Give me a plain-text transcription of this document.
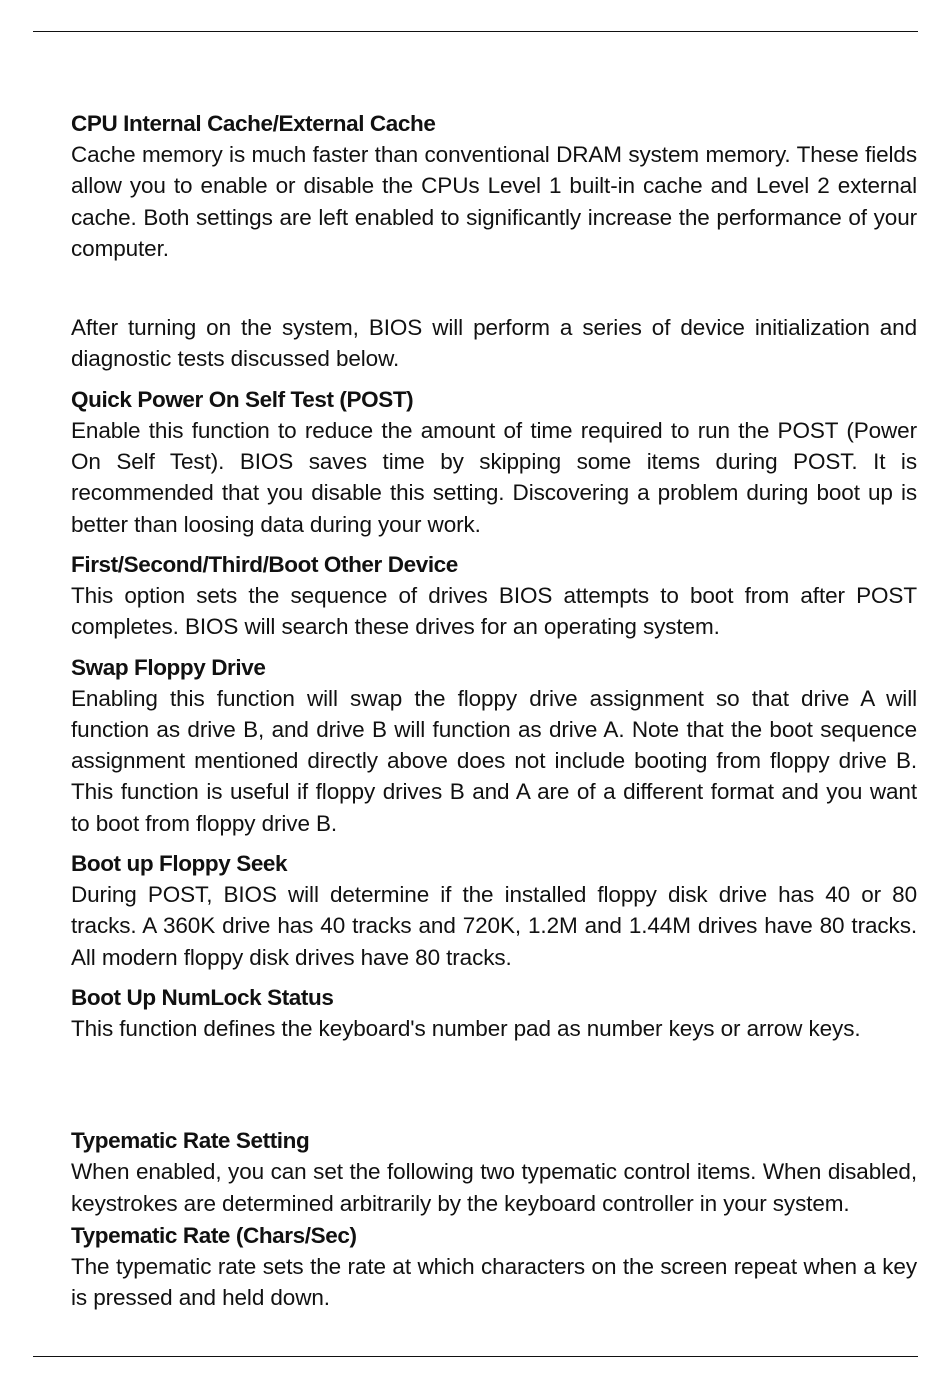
CPU Internal Cache/External Cache

Cache memory is much faster than conventional DRAM system memory. These fields allow you to enable or disable the CPUs Level 1 built-in cache and Level 2 external cache. Both settings are left enabled to significantly increase the performance of your computer.

After turning on the system, BIOS will perform a series of device initialization and diagnostic tests discussed below.

Quick Power On Self Test (POST)

Enable this function to reduce the amount of time required to run the POST (Power On Self Test). BIOS saves time by skipping some items during POST. It is recommended that you disable this setting. Discovering a problem during boot up is better than loosing data during your work.

First/Second/Third/Boot Other Device

This option sets the sequence of drives BIOS attempts to boot from after POST completes. BIOS will search these drives for an operating system.

Swap Floppy Drive

Enabling this function will swap the floppy drive assignment so that drive A will function as drive B, and drive B will function as drive A. Note that the boot sequence assignment mentioned directly above does not include booting from floppy drive B. This function is useful if floppy drives B and A are of a different format and you want to boot from floppy drive B.

Boot up Floppy Seek

During POST, BIOS will determine if the installed floppy disk drive has 40 or 80 tracks. A 360K drive has 40 tracks and 720K, 1.2M and 1.44M drives have 80 tracks. All modern floppy disk drives have 80 tracks.

Boot Up NumLock Status

This function defines the keyboard's number pad as number keys or arrow keys.

Typematic Rate Setting

When enabled, you can set the following two typematic control items. When disabled, keystrokes are determined arbitrarily by the keyboard controller in your system.

Typematic Rate (Chars/Sec)

The typematic rate sets the rate at which characters on the screen repeat when a key is pressed and held down.
